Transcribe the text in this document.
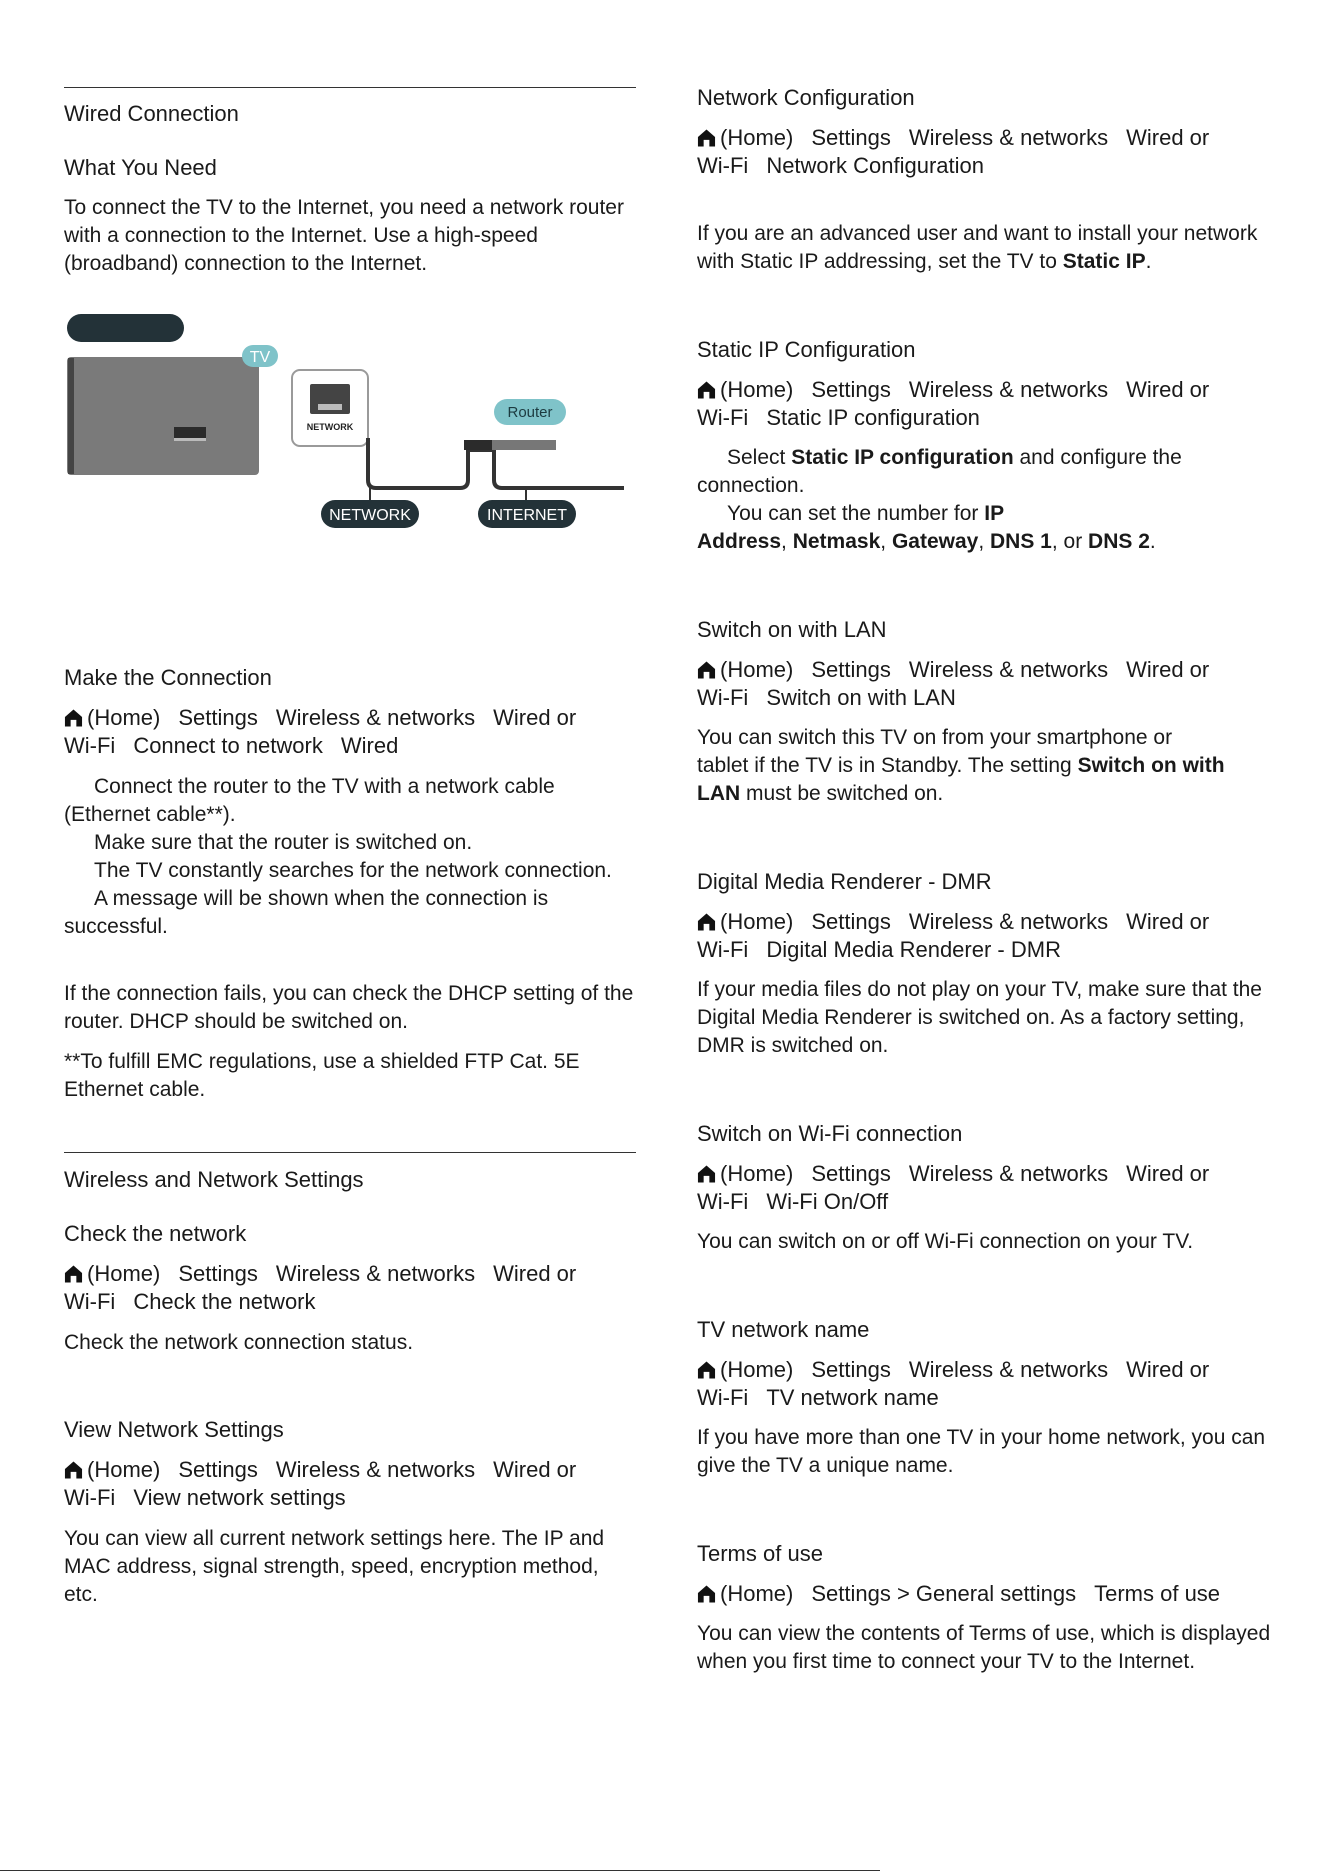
Wired Connection
What You Need
To connect the TV to the Internet, you need a network router with a connection to the Internet. Use a high-speed (broadband) connection to the Internet.
TV
NETWORK
Router
NETWORK	INTERNET
Make the Connection
(Home) Settings Wireless & networks Wired or
Wi-Fi Connect to network Wired
Connect the router to the TV with a network cable (Ethernet cable**).
Make sure that the router is switched on.
The TV constantly searches for the network connection.
A message will be shown when the connection is successful.
If the connection fails, you can check the DHCP setting of the router. DHCP should be switched on.
**To fulfill EMC regulations, use a shielded FTP Cat. 5E Ethernet cable.
Wireless and Network Settings
Check the network
(Home) Settings Wireless & networks Wired or
Wi-Fi Check the network
Check the network connection status.
View Network Settings
(Home) Settings Wireless & networks Wired or
Wi-Fi View network settings
You can view all current network settings here. The IP and MAC address, signal strength, speed, encryption method, etc.
Network Configuration
(Home) Settings Wireless & networks Wired or
Wi-Fi Network Configuration
If you are an advanced user and want to install your network with Static IP addressing, set the TV to Static IP.
Static IP Configuration
(Home) Settings Wireless & networks Wired or
Wi-Fi Static IP configuration
Select Static IP configuration and configure the
connection.
You can set the number for IP
Address, Netmask, Gateway, DNS 1, or DNS 2.
Switch on with LAN
(Home) Settings Wireless & networks Wired or
Wi-Fi Switch on with LAN
You can switch this TV on from your smartphone or
tablet if the TV is in Standby. The setting Switch on with
LAN must be switched on.
Digital Media Renderer - DMR
(Home) Settings Wireless & networks Wired or
Wi-Fi Digital Media Renderer - DMR
If your media files do not play on your TV, make sure that the Digital Media Renderer is switched on. As a factory setting, DMR is switched on.
Switch on Wi-Fi connection
(Home) Settings Wireless & networks Wired or
Wi-Fi Wi-Fi On/Off
You can switch on or off Wi-Fi connection on your TV.
TV network name
(Home) Settings Wireless & networks Wired or
Wi-Fi TV network name
If you have more than one TV in your home network, you can give the TV a unique name.
Terms of use
(Home) Settings > General settings Terms of use
You can view the contents of Terms of use, which is displayed when you first time to connect your TV to the Internet.
